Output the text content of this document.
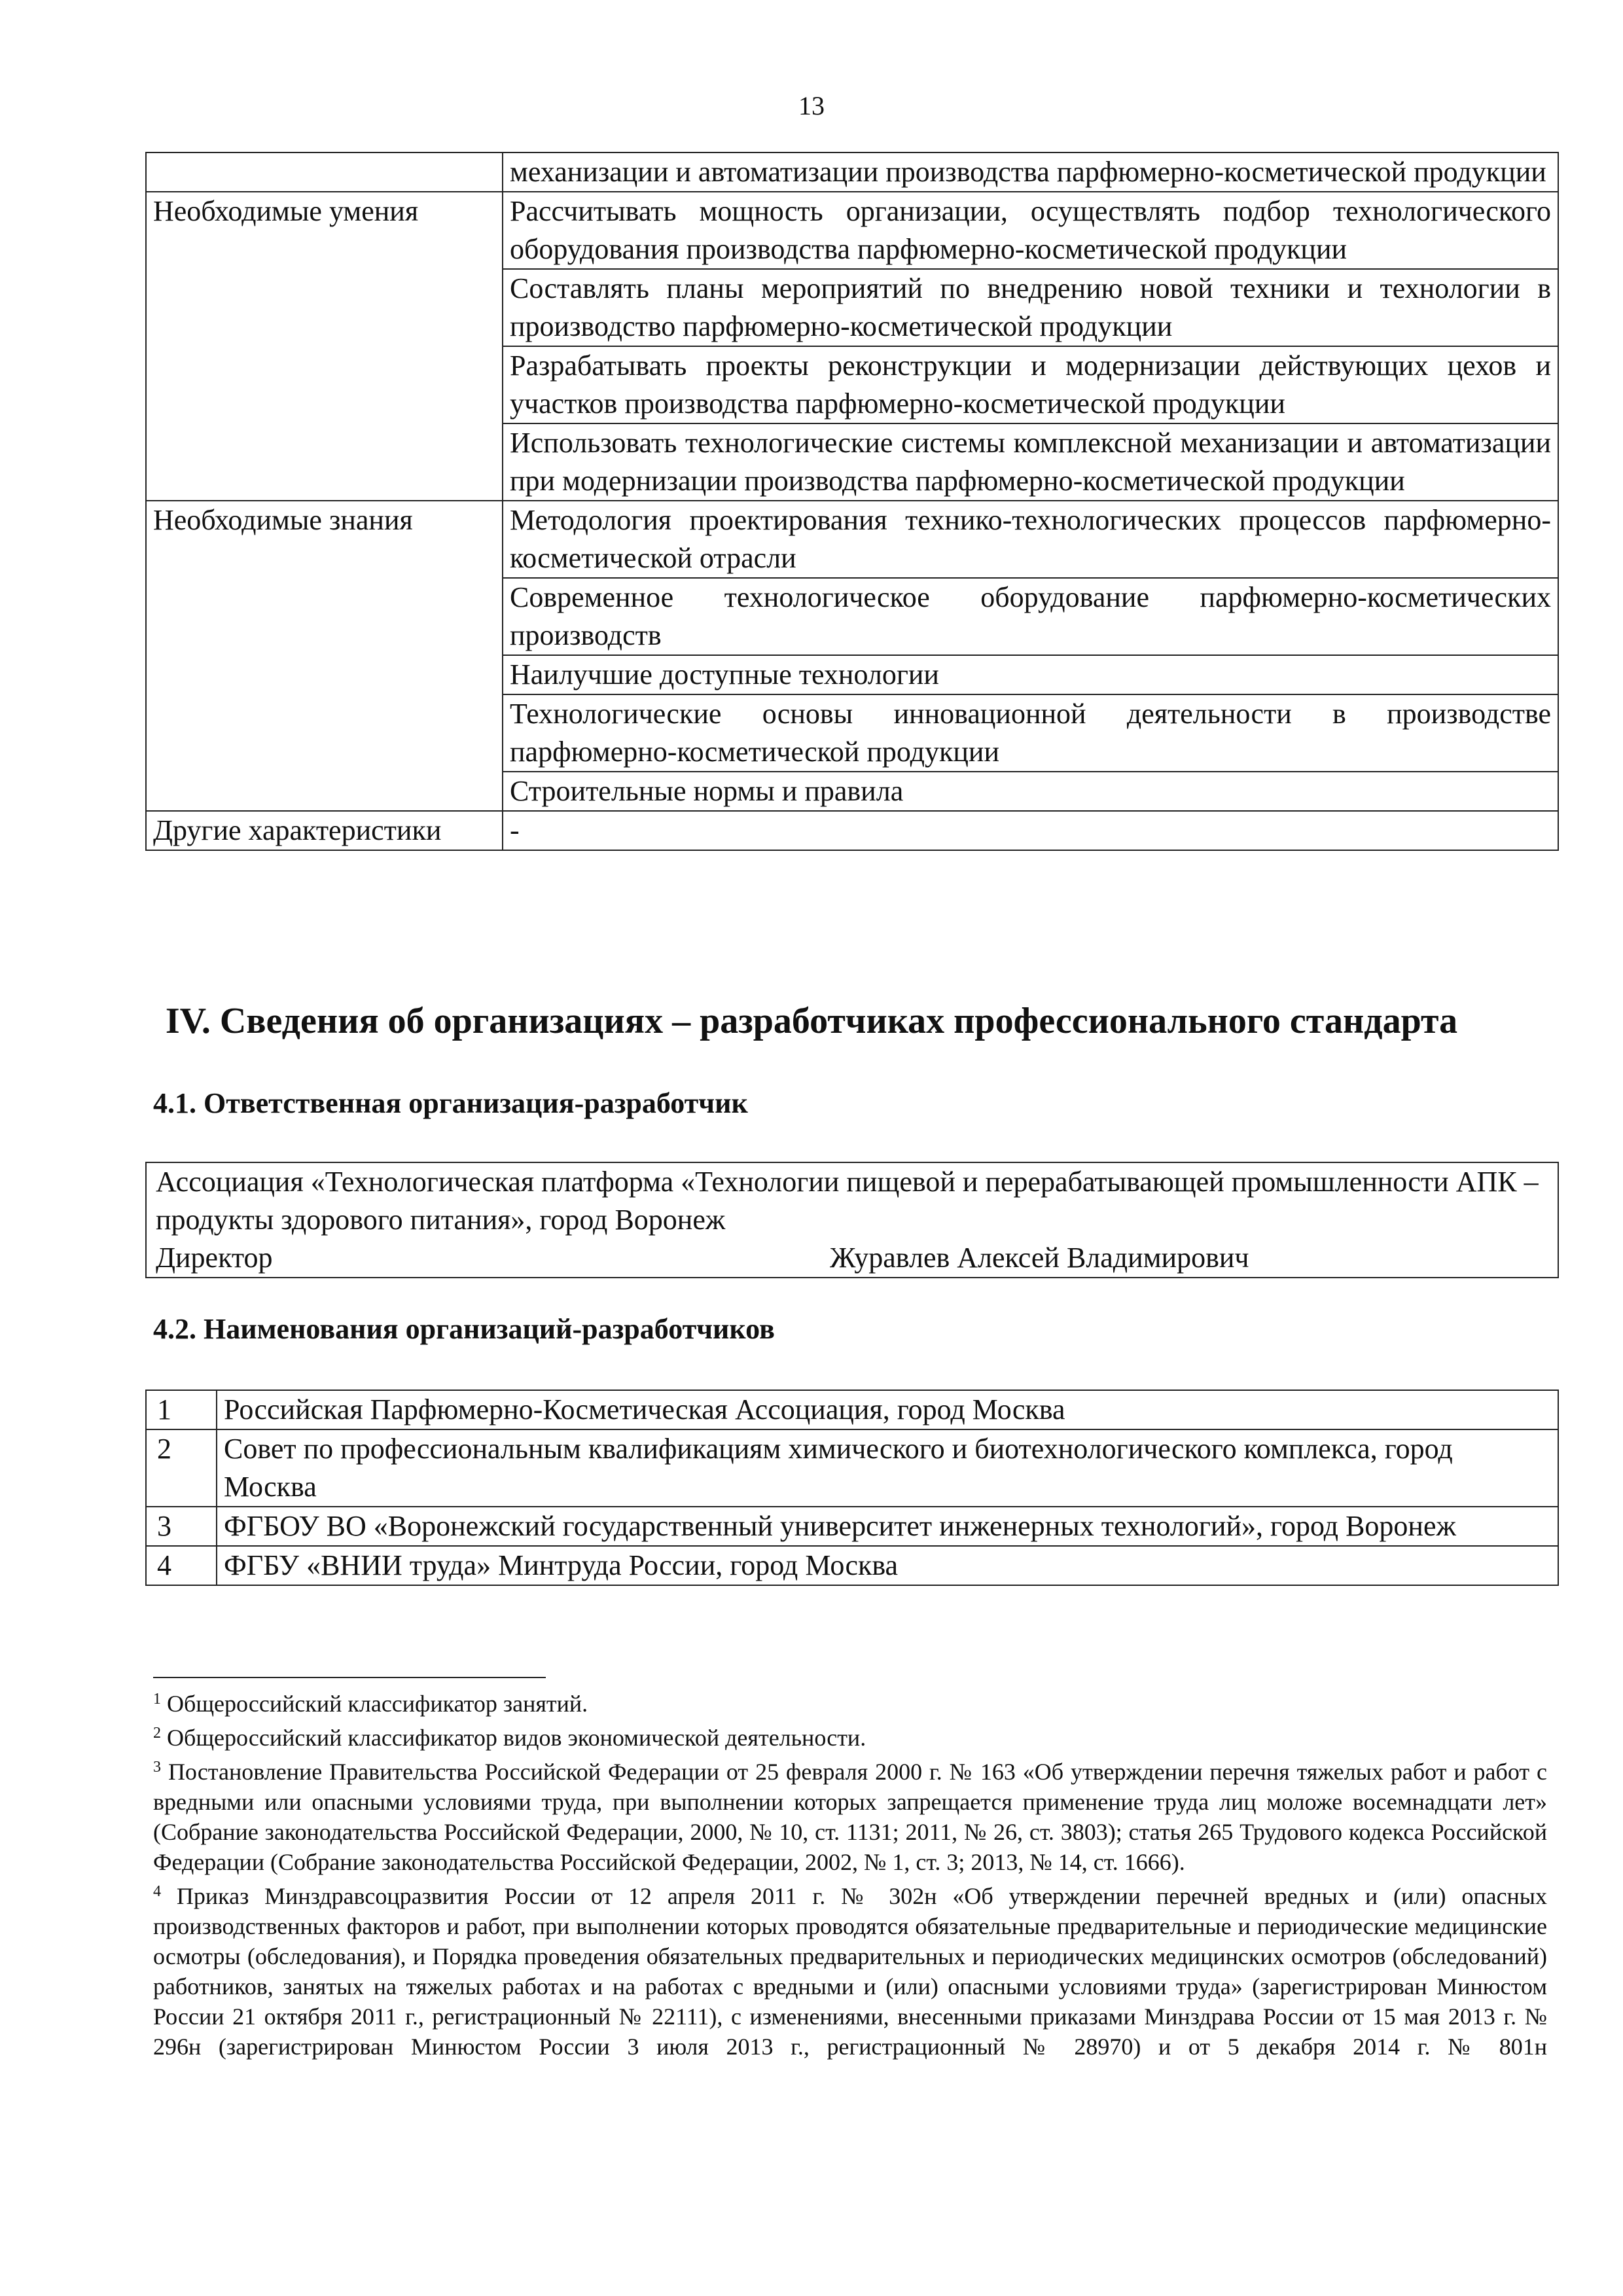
13
	механизации и автоматизации производства парфюмерно-косметической продукции
Необходимые умения	Рассчитывать мощность организации, осуществлять подбор технологического оборудования производства парфюмерно-косметической продукции
	Составлять планы мероприятий по внедрению новой техники и технологии в производство парфюмерно-косметической продукции
	Разрабатывать проекты реконструкции и модернизации действующих цехов и участков производства парфюмерно-косметической продукции
	Использовать технологические системы комплексной механизации и автоматизации при модернизации производства парфюмерно-косметической продукции
Необходимые знания	Методология проектирования технико-технологических процессов парфюмерно-косметической отрасли
	Современное технологическое оборудование парфюмерно-косметических производств
	Наилучшие доступные технологии
	Технологические основы инновационной деятельности в производстве парфюмерно-косметической продукции
	Строительные нормы и правила
Другие характеристики	-
IV. Сведения об организациях – разработчиках профессионального стандарта
4.1. Ответственная организация-разработчик
Ассоциация «Технологическая платформа «Технологии пищевой и перерабатывающей промышленности АПК – продукты здорового питания», город Воронеж
Директор	Журавлев Алексей Владимирович
4.2. Наименования организаций-разработчиков
1	Российская Парфюмерно-Косметическая Ассоциация, город Москва
2	Совет по профессиональным квалификациям химического и биотехнологического комплекса, город Москва
3	ФГБОУ ВО «Воронежский государственный университет инженерных технологий», город Воронеж
4	ФГБУ «ВНИИ труда» Минтруда России, город Москва

$^1$ Общероссийский классификатор занятий.

$^2$ Общероссийский классификатор видов экономической деятельности.

$^3$ Постановление Правительства Российской Федерации от 25 февраля 2000 г. № 163 «Об утверждении перечня тяжелых работ и работ с вредными или опасными условиями труда, при выполнении которых запрещается применение труда лиц моложе восемнадцати лет» (Собрание законодательства Российской Федерации, 2000, № 10, ст. 1131; 2011, № 26, ст. 3803); статья 265 Трудового кодекса Российской Федерации (Собрание законодательства Российской Федерации, 2002, № 1, ст. 3; 2013, № 14, ст. 1666).

$^4$ Приказ Минздравсоцразвития России от 12 апреля 2011 г. № 302н «Об утверждении перечней вредных и (или) опасных производственных факторов и работ, при выполнении которых проводятся обязательные предварительные и периодические медицинские осмотры (обследования), и Порядка проведения обязательных предварительных и периодических медицинских осмотров (обследований) работников, занятых на тяжелых работах и на работах с вредными и (или) опасными условиями труда» (зарегистрирован Минюстом России 21 октября 2011 г., регистрационный № 22111), с изменениями, внесенными приказами Минздрава России от 15 мая 2013 г. № 296н (зарегистрирован Минюстом России 3 июля 2013 г., регистрационный № 28970) и от 5 декабря 2014 г. № 801н
